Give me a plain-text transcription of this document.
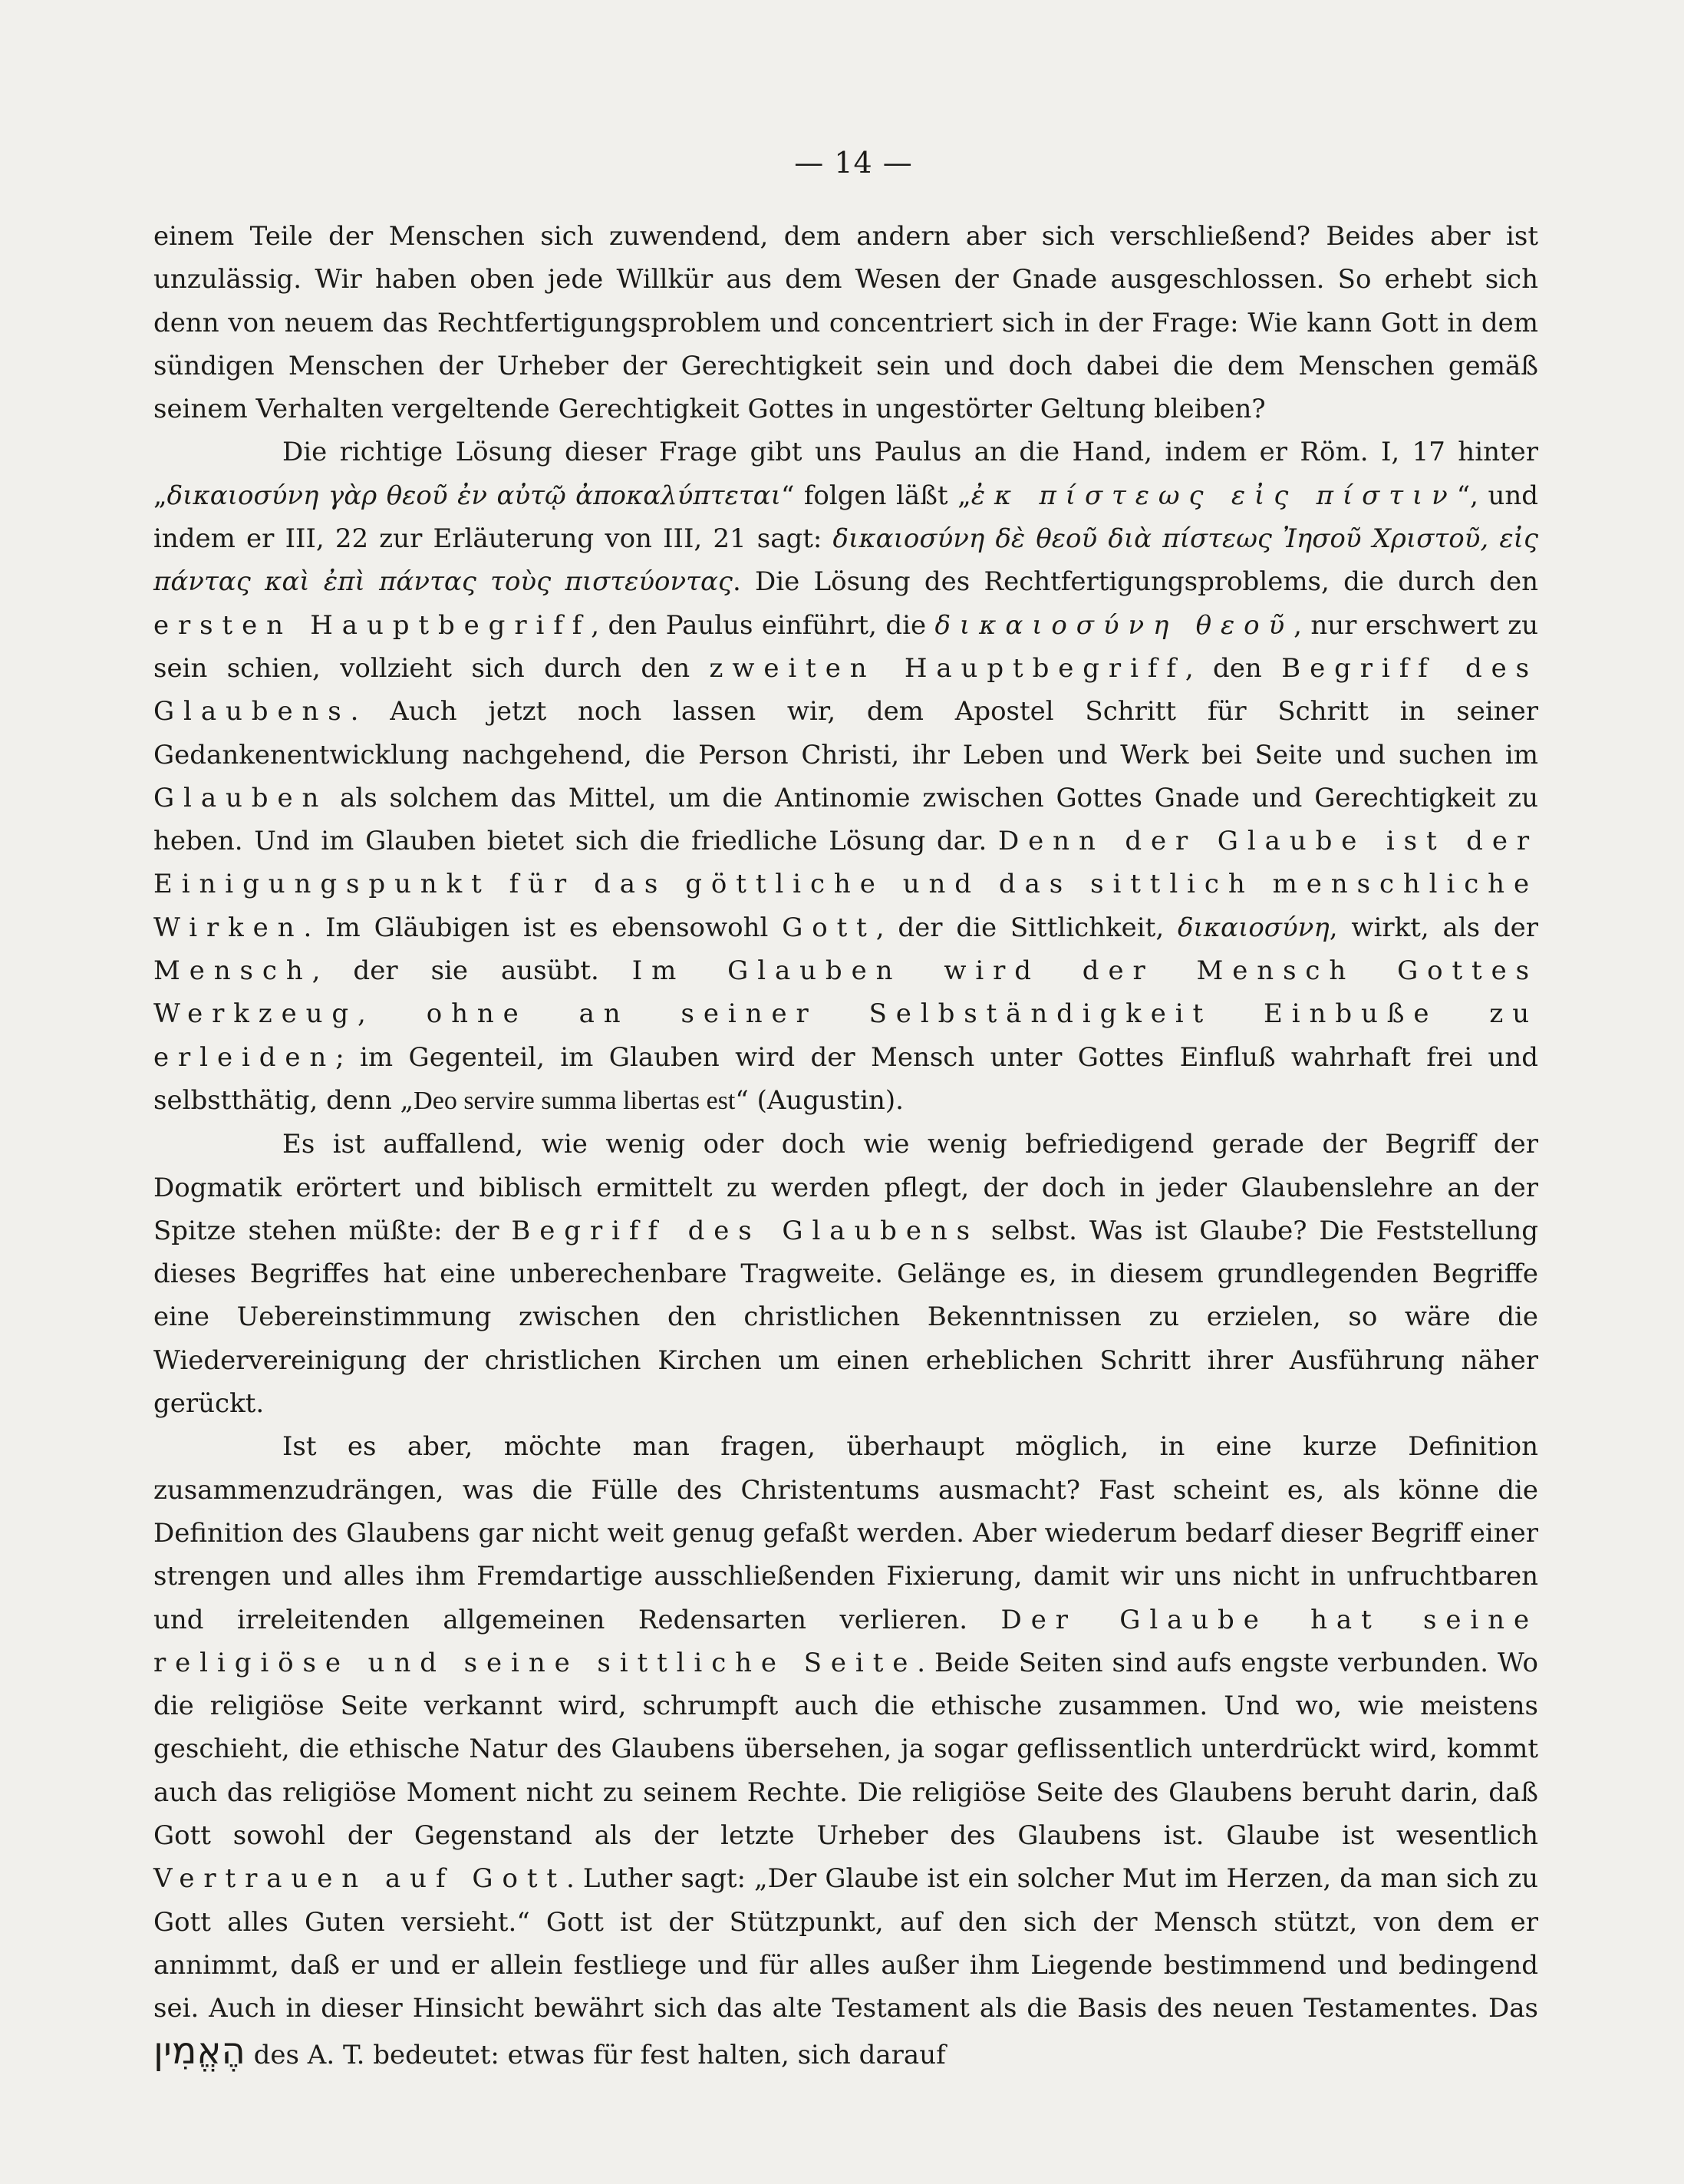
— 14 —

einem Teile der Menschen sich zuwendend, dem andern aber sich verschließend? Beides aber ist unzulässig. Wir haben oben jede Willkür aus dem Wesen der Gnade ausgeschlossen. So erhebt sich denn von neuem das Rechtfertigungsproblem und concentriert sich in der Frage: Wie kann Gott in dem sündigen Menschen der Urheber der Gerechtigkeit sein und doch dabei die dem Menschen gemäß seinem Verhalten vergeltende Gerechtigkeit Gottes in ungestörter Geltung bleiben?

Die richtige Lösung dieser Frage gibt uns Paulus an die Hand, indem er Röm. I, 17 hinter „δικαιοσύνη γὰρ θεοῦ ἐν αὐτῷ ἀποκαλύπτεται“ folgen läßt „ἐκ πίστεως εἰς πίστιν“, und indem er III, 22 zur Erläuterung von III, 21 sagt: δικαιοσύνη δὲ θεοῦ διὰ πίστεως Ἰησοῦ Χριστοῦ, εἰς πάντας καὶ ἐπὶ πάντας τοὺς πιστεύοντας. Die Lösung des Rechtfertigungsproblems, die durch den ersten Hauptbegriff, den Paulus einführt, die δικαιοσύνη θεοῦ, nur erschwert zu sein schien, vollzieht sich durch den zweiten Hauptbegriff, den Begriff des Glaubens. Auch jetzt noch lassen wir, dem Apostel Schritt für Schritt in seiner Gedankenentwicklung nachgehend, die Person Christi, ihr Leben und Werk bei Seite und suchen im Glauben als solchem das Mittel, um die Antinomie zwischen Gottes Gnade und Gerechtigkeit zu heben. Und im Glauben bietet sich die friedliche Lösung dar. Denn der Glaube ist der Einigungspunkt für das göttliche und das sittlich menschliche Wirken. Im Gläubigen ist es ebensowohl Gott, der die Sittlichkeit, δικαιοσύνη, wirkt, als der Mensch, der sie ausübt. Im Glauben wird der Mensch Gottes Werkzeug, ohne an seiner Selbständigkeit Einbuße zu erleiden; im Gegenteil, im Glauben wird der Mensch unter Gottes Einfluß wahrhaft frei und selbstthätig, denn „Deo servire summa libertas est“ (Augustin).

Es ist auffallend, wie wenig oder doch wie wenig befriedigend gerade der Begriff der Dogmatik erörtert und biblisch ermittelt zu werden pflegt, der doch in jeder Glaubenslehre an der Spitze stehen müßte: der Begriff des Glaubens selbst. Was ist Glaube? Die Feststellung dieses Begriffes hat eine unberechenbare Tragweite. Gelänge es, in diesem grundlegenden Begriffe eine Uebereinstimmung zwischen den christlichen Bekenntnissen zu erzielen, so wäre die Wiedervereinigung der christlichen Kirchen um einen erheblichen Schritt ihrer Ausführung näher gerückt.

Ist es aber, möchte man fragen, überhaupt möglich, in eine kurze Definition zusammenzudrängen, was die Fülle des Christentums ausmacht? Fast scheint es, als könne die Definition des Glaubens gar nicht weit genug gefaßt werden. Aber wiederum bedarf dieser Begriff einer strengen und alles ihm Fremdartige ausschließenden Fixierung, damit wir uns nicht in unfruchtbaren und irreleitenden allgemeinen Redensarten verlieren. Der Glaube hat seine religiöse und seine sittliche Seite. Beide Seiten sind aufs engste verbunden. Wo die religiöse Seite verkannt wird, schrumpft auch die ethische zusammen. Und wo, wie meistens geschieht, die ethische Natur des Glaubens übersehen, ja sogar geflissentlich unterdrückt wird, kommt auch das religiöse Moment nicht zu seinem Rechte. Die religiöse Seite des Glaubens beruht darin, daß Gott sowohl der Gegenstand als der letzte Urheber des Glaubens ist. Glaube ist wesentlich Vertrauen auf Gott. Luther sagt: „Der Glaube ist ein solcher Mut im Herzen, da man sich zu Gott alles Guten versieht.“ Gott ist der Stützpunkt, auf den sich der Mensch stützt, von dem er annimmt, daß er und er allein festliege und für alles außer ihm Liegende bestimmend und bedingend sei. Auch in dieser Hinsicht bewährt sich das alte Testament als die Basis des neuen Testamentes. Das הֶאֱמִין des A. T. bedeutet: etwas für fest halten, sich darauf
